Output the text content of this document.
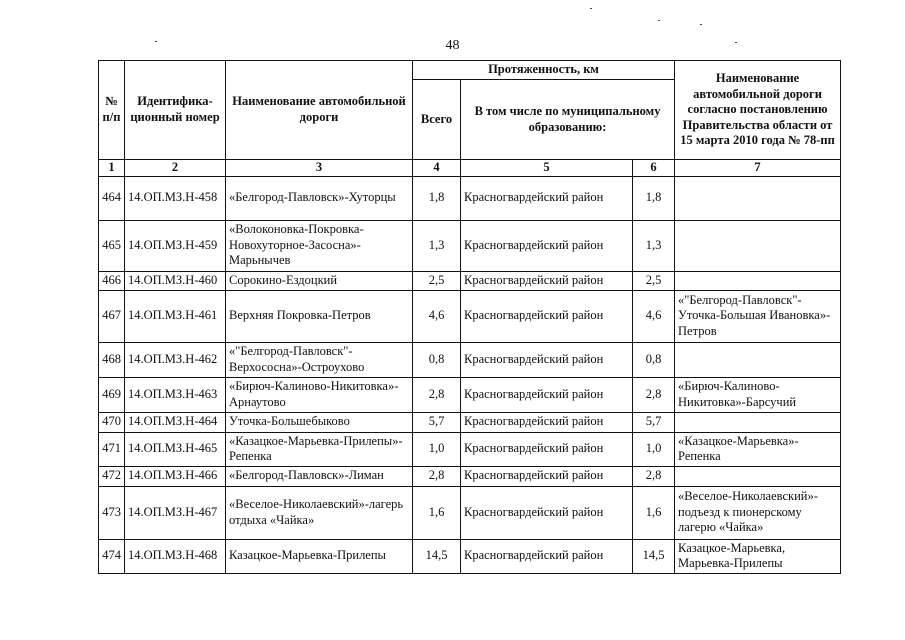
48
№ п/п	Идентифика-ционный номер	Наименование автомобильной дороги	Протяженность, км			Наименование автомобильной дороги согласно постановлению Правительства области от 15 марта 2010 года № 78-пп
			Всего	В том числе по муниципальному образованию:		
1	2	3	4	5	6	7
464	14.ОП.МЗ.Н-458	«Белгород-Павловск»-Хуторцы	1,8	Красногвардейский район	1,8	
465	14.ОП.МЗ.Н-459	«Волоконовка-Покровка-Новохуторное-Засосна»-Марьнычев	1,3	Красногвардейский район	1,3	
466	14.ОП.МЗ.Н-460	Сорокино-Ездоцкий	2,5	Красногвардейский район	2,5	
467	14.ОП.МЗ.Н-461	Верхняя Покровка-Петров	4,6	Красногвардейский район	4,6	«"Белгород-Павловск"-Уточка-Большая Ивановка»-Петров
468	14.ОП.МЗ.Н-462	«"Белгород-Павловск"-Верхососна»-Остроухово	0,8	Красногвардейский район	0,8	
469	14.ОП.МЗ.Н-463	«Бирюч-Калиново-Никитовка»-Арнаутово	2,8	Красногвардейский район	2,8	«Бирюч-Калиново-Никитовка»-Барсучий
470	14.ОП.МЗ.Н-464	Уточка-Большебыково	5,7	Красногвардейский район	5,7	
471	14.ОП.МЗ.Н-465	«Казацкое-Марьевка-Прилепы»-Репенка	1,0	Красногвардейский район	1,0	«Казацкое-Марьевка»-Репенка
472	14.ОП.МЗ.Н-466	«Белгород-Павловск»-Лиман	2,8	Красногвардейский район	2,8	
473	14.ОП.МЗ.Н-467	«Веселое-Николаевский»-лагерь отдыха «Чайка»	1,6	Красногвардейский район	1,6	«Веселое-Николаевский»-подъезд к пионерскому лагерю «Чайка»
474	14.ОП.МЗ.Н-468	Казацкое-Марьевка-Прилепы	14,5	Красногвардейский район	14,5	Казацкое-Марьевка, Марьевка-Прилепы
